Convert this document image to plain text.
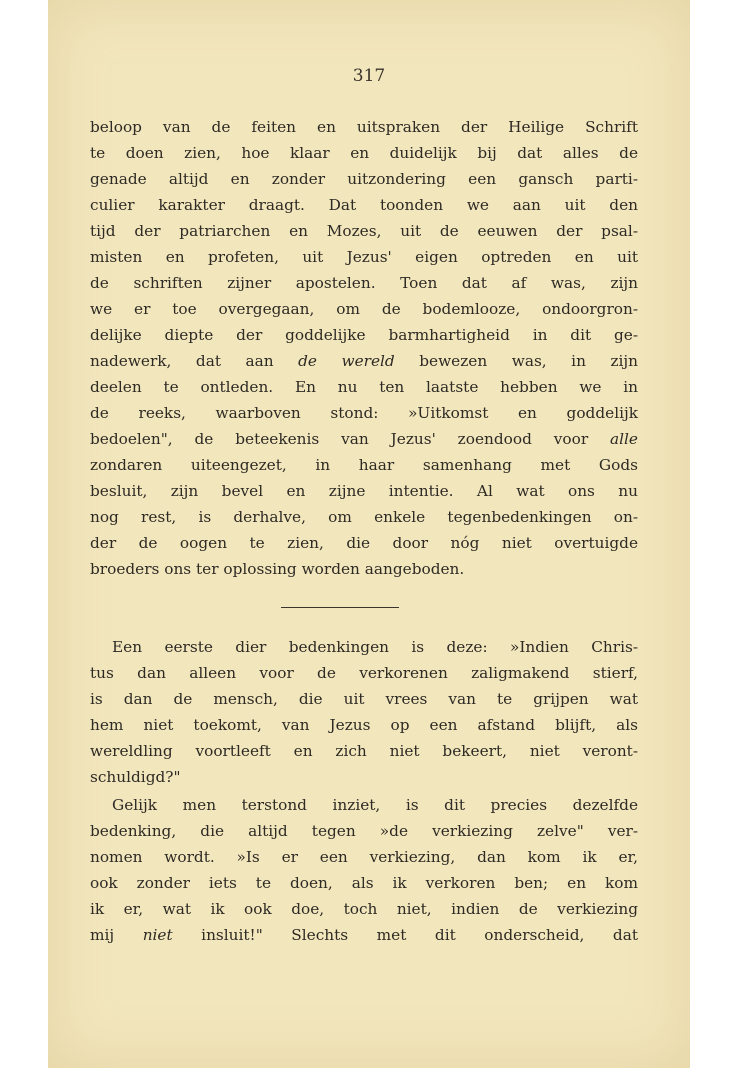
317
beloop van de feiten en uitspraken der Heilige Schrift
te doen zien, hoe klaar en duidelijk bij dat alles de
genade altijd en zonder uitzondering een gansch parti-
culier karakter draagt. Dat toonden we aan uit den
tijd der patriarchen en Mozes, uit de eeuwen der psal-
misten en profeten, uit Jezus' eigen optreden en uit
de schriften zijner apostelen. Toen dat af was, zijn
we er toe overgegaan, om de bodemlooze, ondoorgron-
delijke diepte der goddelijke barmhartigheid in dit ge-
nadewerk, dat aan de wereld bewezen was, in zijn
deelen te ontleden. En nu ten laatste hebben we in
de reeks, waarboven stond: »Uitkomst en goddelijk
bedoelen", de beteekenis van Jezus' zoendood voor alle
zondaren uiteengezet, in haar samenhang met Gods
besluit, zijn bevel en zijne intentie. Al wat ons nu
nog rest, is derhalve, om enkele tegenbedenkingen on-
der de oogen te zien, die door nóg niet overtuigde
broeders ons ter oplossing worden aangeboden.
Een eerste dier bedenkingen is deze: »Indien Chris-
tus dan alleen voor de verkorenen zaligmakend stierf,
is dan de mensch, die uit vrees van te grijpen wat
hem niet toekomt, van Jezus op een afstand blijft, als
wereldling voortleeft en zich niet bekeert, niet veront-
schuldigd?"
Gelijk men terstond inziet, is dit precies dezelfde
bedenking, die altijd tegen »de verkiezing zelve" ver-
nomen wordt. »Is er een verkiezing, dan kom ik er,
ook zonder iets te doen, als ik verkoren ben; en kom
ik er, wat ik ook doe, toch niet, indien de verkiezing
mij niet insluit!" Slechts met dit onderscheid, dat
